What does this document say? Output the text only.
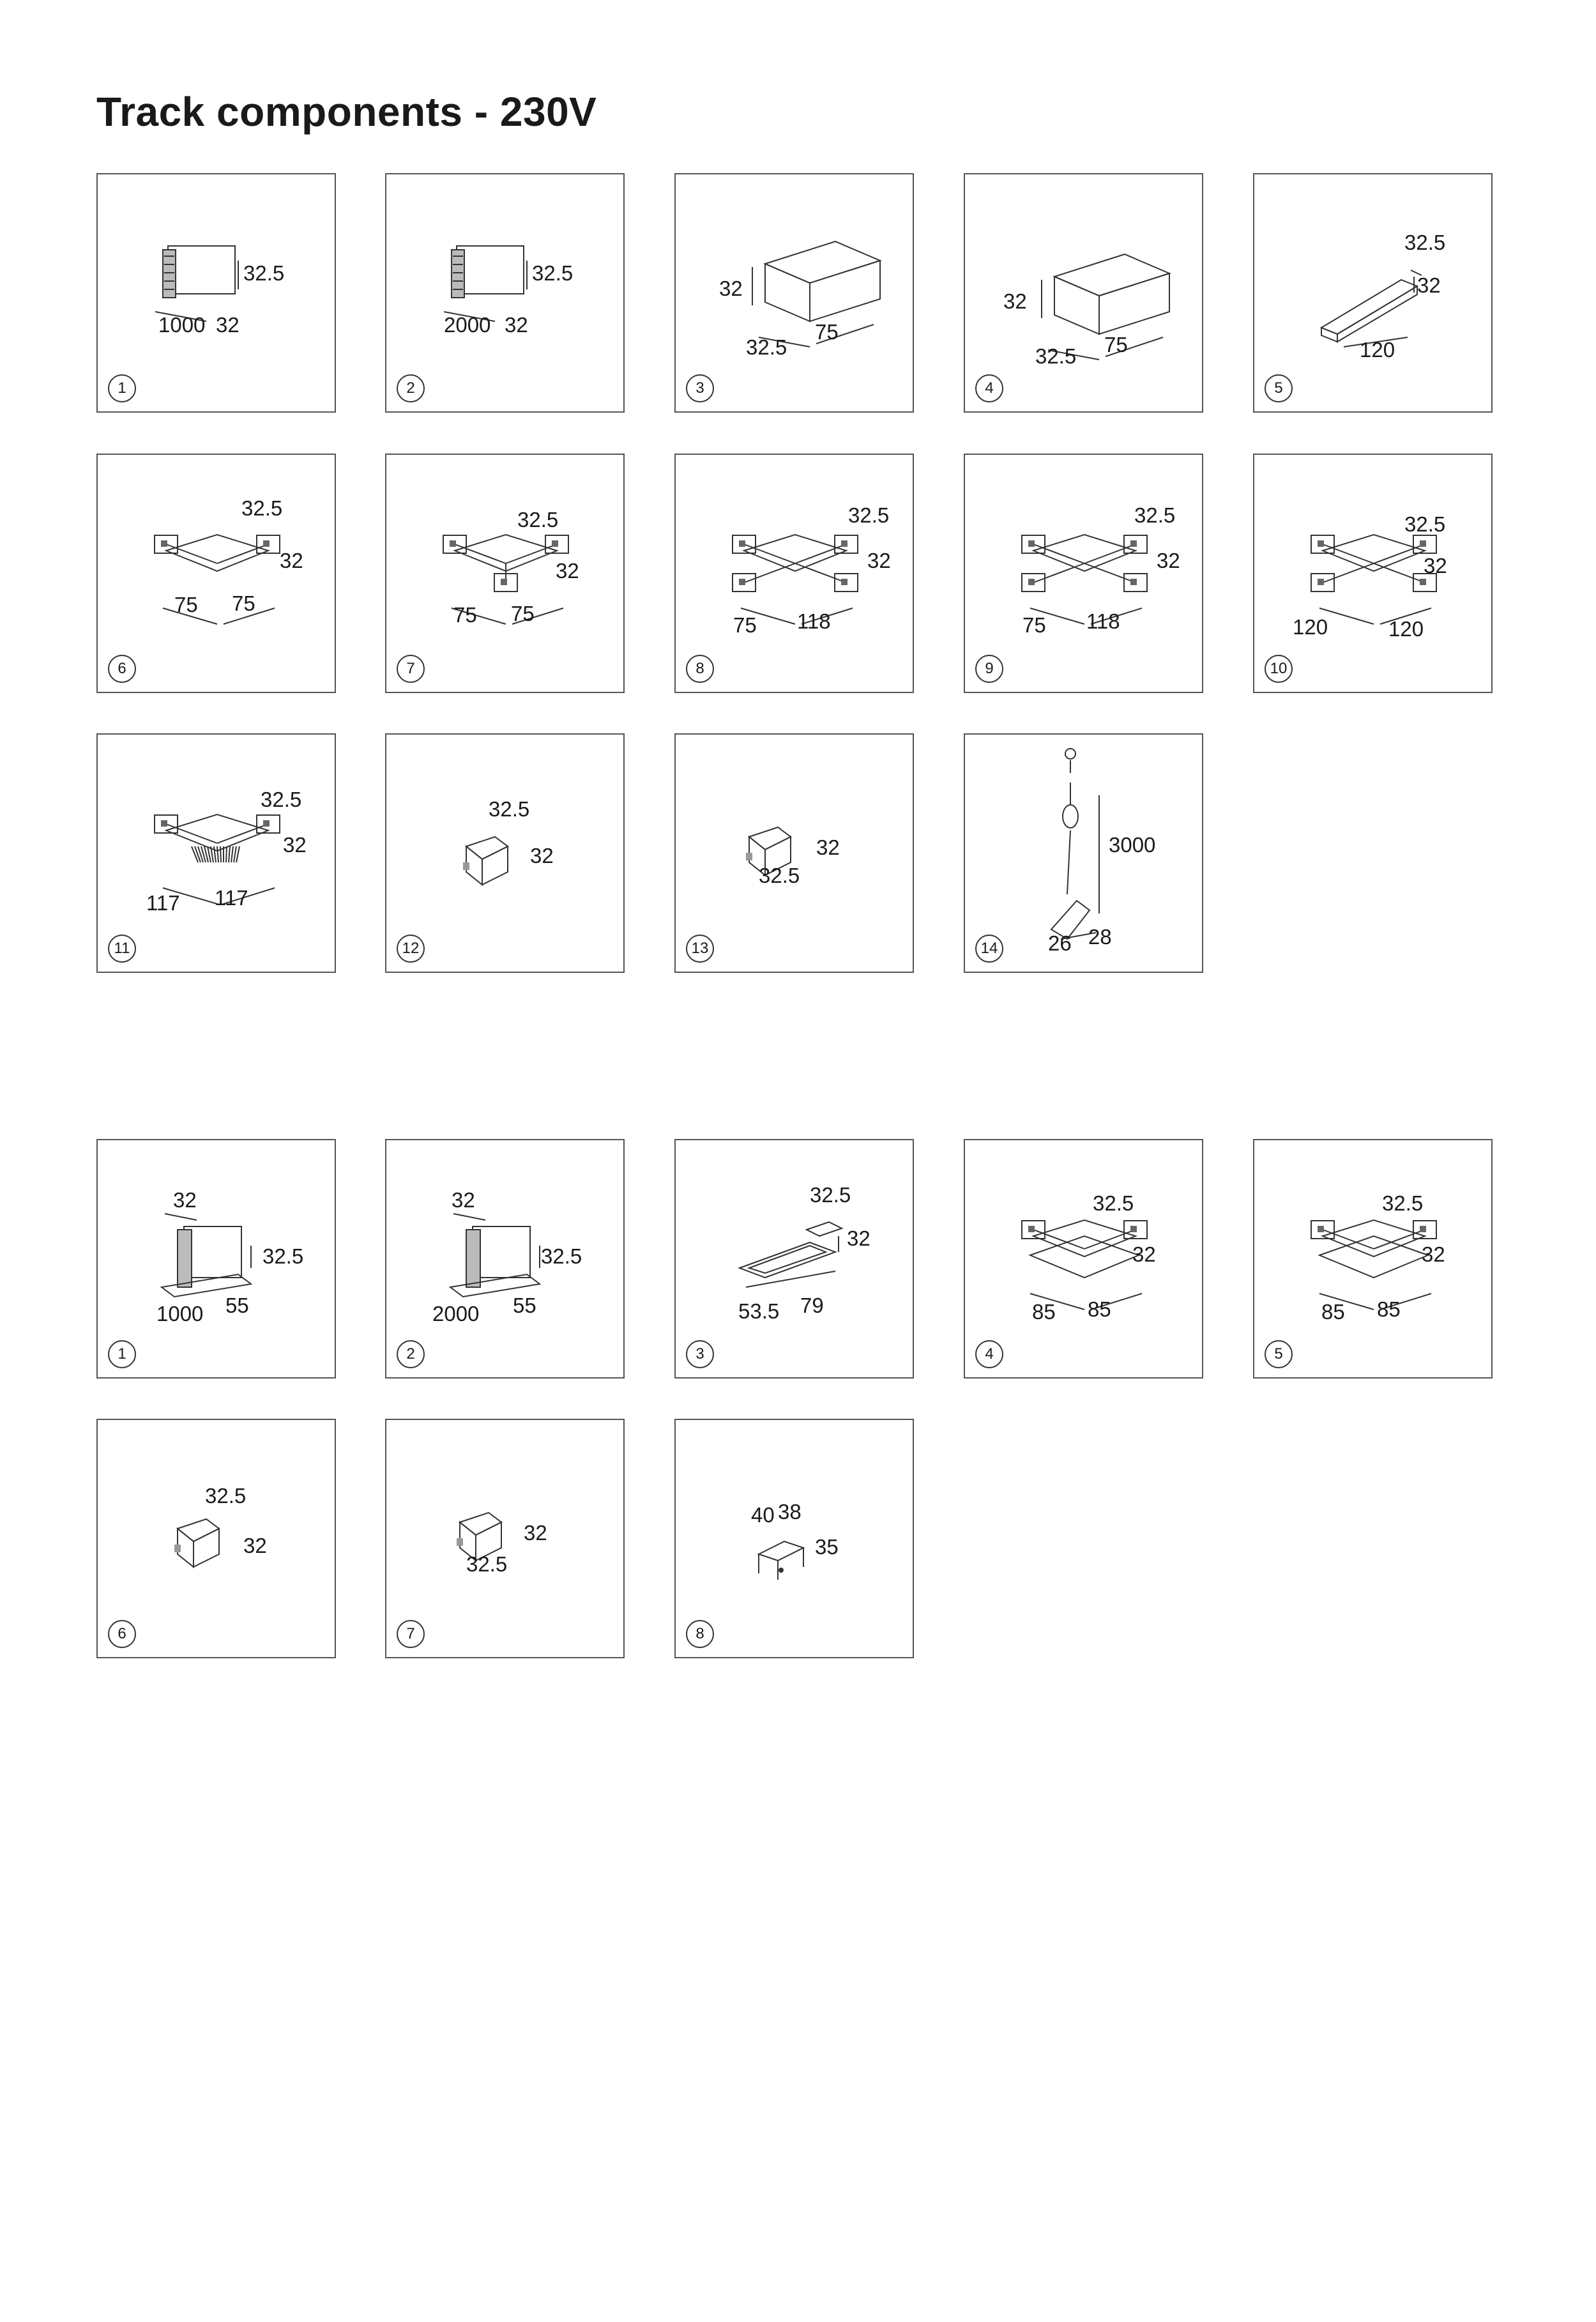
Track components - 230V
32.5
1000 32
1
32.5
2000 32
2
32
32.5
75
3
32
32.5 75
4
32.5
32
120
5
32.5
32
75 75
6
32.5
32
75 75
7
32.5
32
75 118
8
32.5
32
75 118
9
32.5
32
120	120
10
32.5
32
117 117
11
32.5
32
12
32
32.5
13
3000
26 28
14
32
32.5
1000 55
1
32
32.5
2000 55
2
32.5
32
53.5 79
3
32.5
32
85 85
4
32.5
32
85 85
5
32.5
32
6
32
32.5
7
40 38
35
8
